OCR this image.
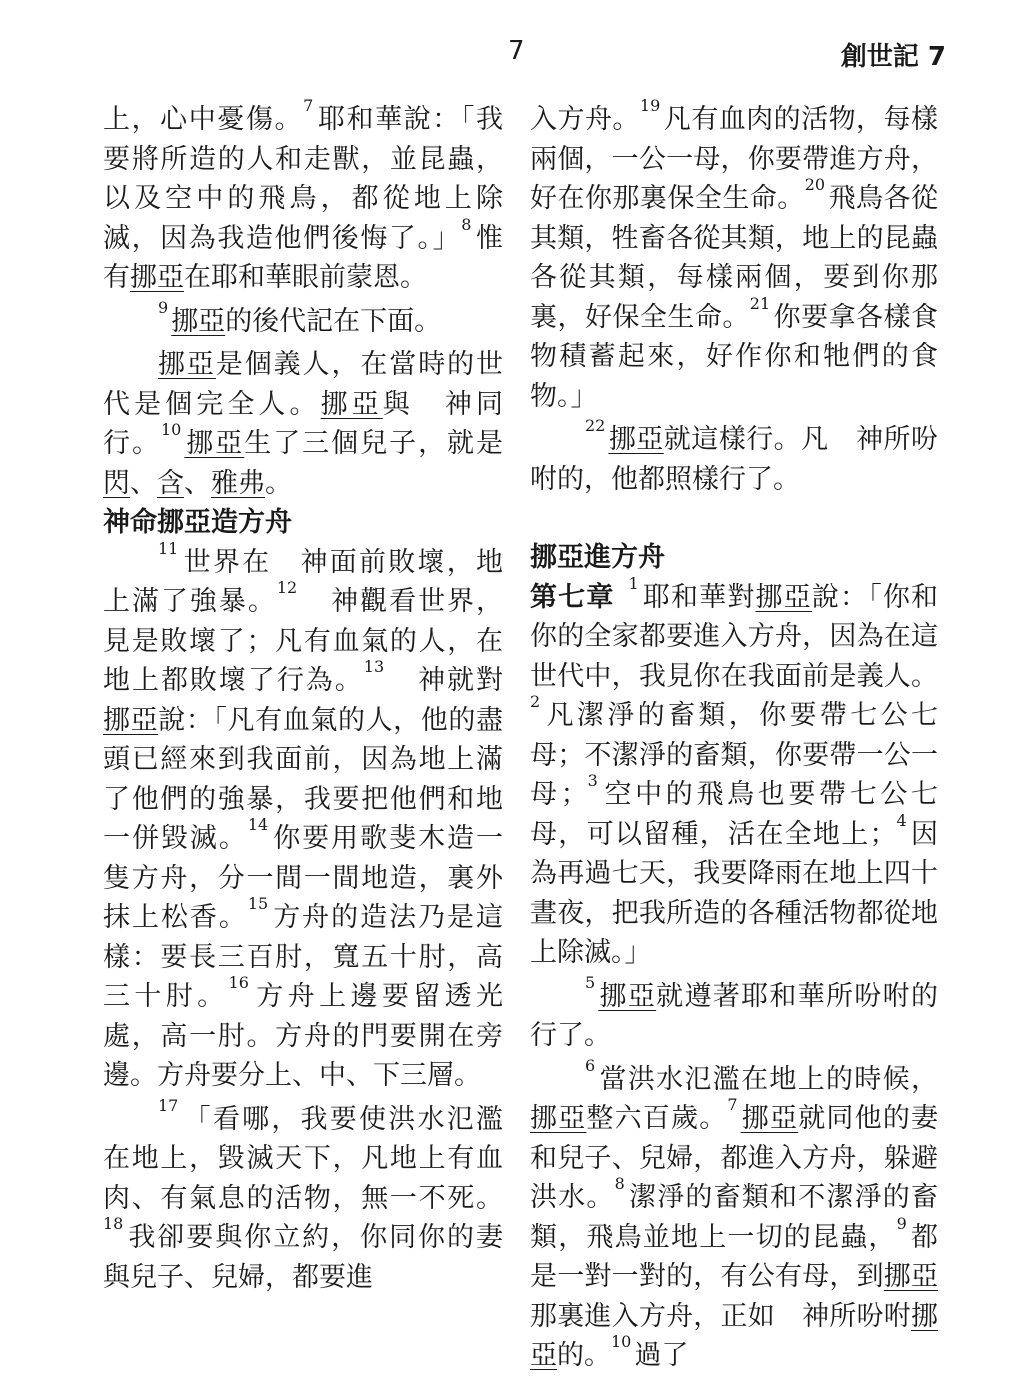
7	創世記 7

上，心中憂傷。$^7$ 耶和華說：「我要將所造的人和走獸，並昆蟲，以及空中的飛鳥，都從地上除滅，因為我造他們後悔了。」$^8$ 惟有挪亞在耶和華眼前蒙恩。

$^9$ 挪亞的後代記在下面。

挪亞是個義人，在當時的世代是個完全人。挪亞與　神同行。$^{10}$ 挪亞生了三個兒子，就是閃、含、雅弗。

神命挪亞造方舟

$^{11}$ 世界在　神面前敗壞，地上滿了強暴。$^{12}$　神觀看世界，見是敗壞了；凡有血氣的人，在地上都敗壞了行為。$^{13}$　神就對挪亞說：「凡有血氣的人，他的盡頭已經來到我面前，因為地上滿了他們的強暴，我要把他們和地一併毀滅。$^{14}$ 你要用歌斐木造一隻方舟，分一間一間地造，裏外抹上松香。$^{15}$ 方舟的造法乃是這樣：要長三百肘，寬五十肘，高三十肘。$^{16}$ 方舟上邊要留透光處，高一肘。方舟的門要開在旁邊。方舟要分上、中、下三層。

$^{17}$ 「看哪，我要使洪水氾濫在地上，毀滅天下，凡地上有血肉、有氣息的活物，無一不死。$^{18}$ 我卻要與你立約，你同你的妻與兒子、兒婦，都要進

入方舟。$^{19}$ 凡有血肉的活物，每樣兩個，一公一母，你要帶進方舟，好在你那裏保全生命。$^{20}$ 飛鳥各從其類，牲畜各從其類，地上的昆蟲各從其類，每樣兩個，要到你那裏，好保全生命。$^{21}$ 你要拿各樣食物積蓄起來，好作你和牠們的食物。」

$^{22}$ 挪亞就這樣行。凡　神所吩咐的，他都照樣行了。

挪亞進方舟

第七章 $^1$ 耶和華對挪亞說：「你和你的全家都要進入方舟，因為在這世代中，我見你在我面前是義人。$^2$ 凡潔淨的畜類，你要帶七公七母；不潔淨的畜類，你要帶一公一母；$^3$ 空中的飛鳥也要帶七公七母，可以留種，活在全地上；$^4$ 因為再過七天，我要降雨在地上四十晝夜，把我所造的各種活物都從地上除滅。」

$^5$ 挪亞就遵著耶和華所吩咐的行了。

$^6$ 當洪水氾濫在地上的時候，挪亞整六百歲。$^7$ 挪亞就同他的妻和兒子、兒婦，都進入方舟，躲避洪水。$^8$ 潔淨的畜類和不潔淨的畜類，飛鳥並地上一切的昆蟲，$^9$ 都是一對一對的，有公有母，到挪亞那裏進入方舟，正如　神所吩咐挪亞的。$^{10}$ 過了
